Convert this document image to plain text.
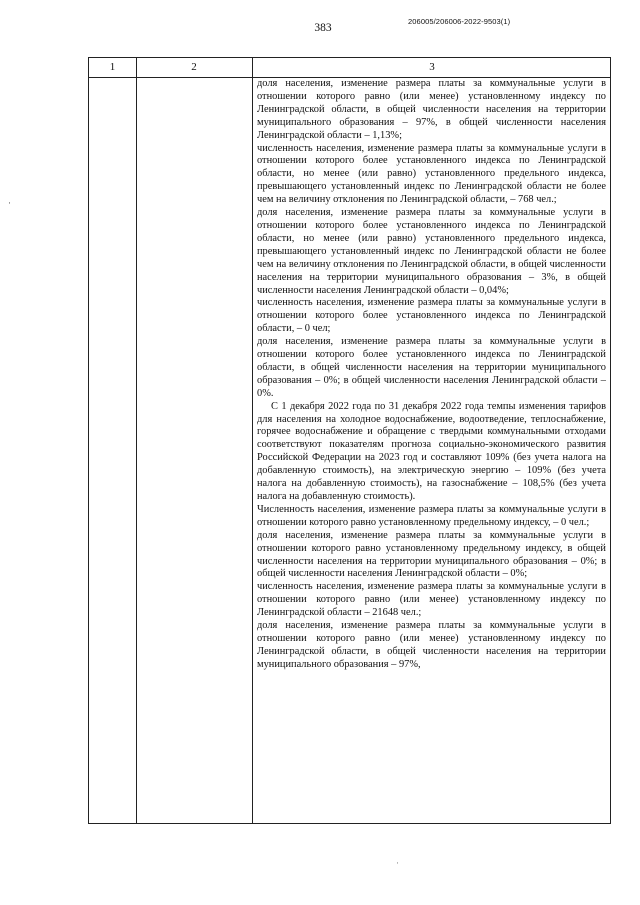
383
206005/206006-2022-9503(1)
·
1	2	3

доля населения, изменение размера платы за коммунальные услуги в отношении которого равно (или менее) установленному индексу по Ленинградской области, в общей численности населения на территории муниципального образования – 97%, в общей численности населения Ленинградской области – 1,13%;

численность населения, изменение размера платы за коммунальные услуги в отношении которого более установленного индекса по Ленинградской области, но менее (или равно) установленного предельного индекса, превышающего установленный индекс по Ленинградской области не более чем на величину отклонения по Ленинградской области, – 768 чел.;

доля населения, изменение размера платы за коммунальные услуги в отношении которого более установленного индекса по Ленинградской области, но менее (или равно) установленного предельного индекса, превышающего установленный индекс по Ленинградской области не более чем на величину отклонения по Ленинградской области, в общей численности населения на территории муниципального образования – 3%, в общей численности населения Ленинградской области – 0,04%;

численность населения, изменение размера платы за коммунальные услуги в отношении которого более установленного индекса по Ленинградской области, – 0 чел;

доля населения, изменение размера платы за коммунальные услуги в отношении которого более установленного индекса по Ленинградской области, в общей численности населения на территории муниципального образования – 0%; в общей численности населения Ленинградской области – 0%.

С 1 декабря 2022 года по 31 декабря 2022 года темпы изменения тарифов для населения на холодное водоснабжение, водоотведение, теплоснабжение, горячее водоснабжение и обращение с твердыми коммунальными отходами соответствуют показателям прогноза социально-экономического развития Российской Федерации на 2023 год и составляют 109% (без учета налога на добавленную стоимость), на электрическую энергию – 109% (без учета налога на добавленную стоимость), на газоснабжение – 108,5% (без учета налога на добавленную стоимость).

Численность населения, изменение размера платы за коммунальные услуги в отношении которого равно установленному предельному индексу, – 0 чел.;

доля населения, изменение размера платы за коммунальные услуги в отношении которого равно установленному предельному индексу, в общей численности населения на территории муниципального образования – 0%; в общей численности населения Ленинградской области – 0%;

численность населения, изменение размера платы за коммунальные услуги в отношении которого равно (или менее) установленному индексу по Ленинградской области – 21648 чел.;

доля населения, изменение размера платы за коммунальные услуги в отношении которого равно (или менее) установленному индексу по Ленинградской области, в общей численности населения на территории муниципального образования – 97%,

·
